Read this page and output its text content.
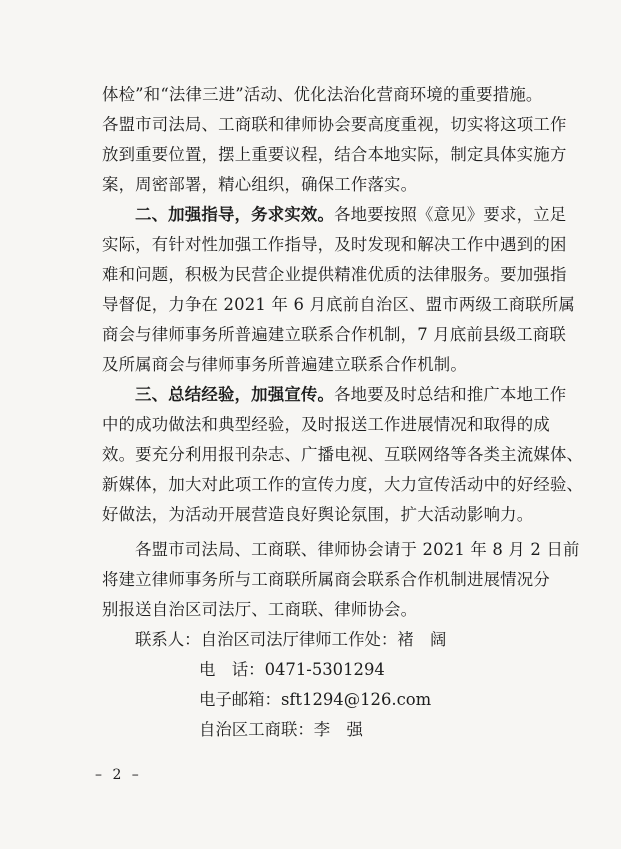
体检”和“法律三进”活动、优化法治化营商环境的重要措施。
各盟市司法局、工商联和律师协会要高度重视，切实将这项工作
放到重要位置，摆上重要议程，结合本地实际，制定具体实施方
案，周密部署，精心组织，确保工作落实。
二、加强指导，务求实效。各地要按照《意见》要求，立足
实际，有针对性加强工作指导，及时发现和解决工作中遇到的困
难和问题，积极为民营企业提供精准优质的法律服务。要加强指
导督促，力争在 2021 年 6 月底前自治区、盟市两级工商联所属
商会与律师事务所普遍建立联系合作机制，7 月底前县级工商联
及所属商会与律师事务所普遍建立联系合作机制。
三、总结经验，加强宣传。各地要及时总结和推广本地工作
中的成功做法和典型经验，及时报送工作进展情况和取得的成
效。要充分利用报刊杂志、广播电视、互联网络等各类主流媒体、
新媒体，加大对此项工作的宣传力度，大力宣传活动中的好经验、
好做法，为活动开展营造良好舆论氛围，扩大活动影响力。
各盟市司法局、工商联、律师协会请于 2021 年 8 月 2 日前
将建立律师事务所与工商联所属商会联系合作机制进展情况分
别报送自治区司法厅、工商联、律师协会。
联系人：自治区司法厅律师工作处：褚　阔
电　话：0471-5301294
电子邮箱：sft1294@126.com
自治区工商联：李　强
– 2 –
